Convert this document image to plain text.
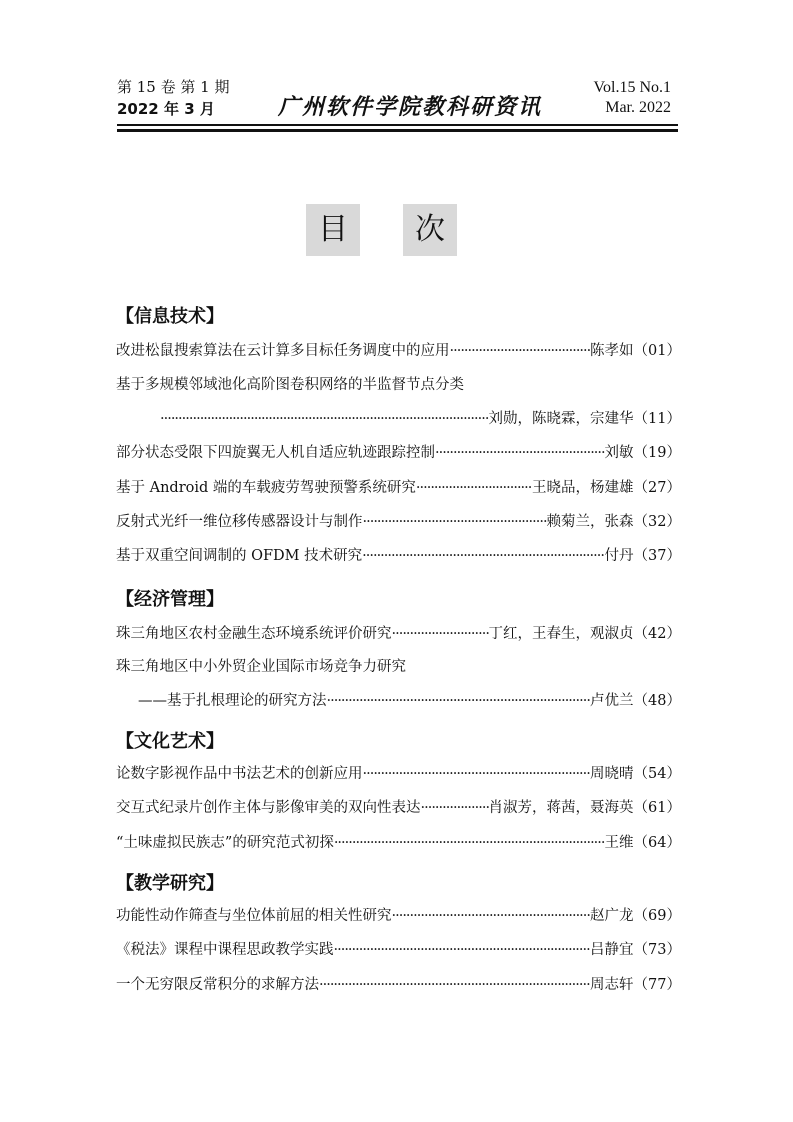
第 15 卷 第 1 期
2022 年 3 月	广州软件学院教科研资讯
Vol.15 No.1
Mar. 2022
目	次
【信息技术】
改进松鼠搜索算法在云计算多目标任务调度中的应用 ·····	陈孝如 （01）
基于多规模邻域池化高阶图卷积网络的半监督节点分类
·····
刘勋，陈晓霖，宗建华 （11）
部分状态受限下四旋翼无人机自适应轨迹跟踪控制 ·····	刘敏 （19）
基于 Android 端的车载疲劳驾驶预警系统研究 ·····	王晓品，杨建雄 （27）
反射式光纤一维位移传感器设计与制作 ·····	赖菊兰，张森 （32）
基于双重空间调制的 OFDM 技术研究 ·····	付丹 （37）
【经济管理】
珠三角地区农村金融生态环境系统评价研究 ·····	丁红，王春生，观淑贞 （42）
珠三角地区中小外贸企业国际市场竞争力研究
——基于扎根理论的研究方法 ·····	卢优兰 （48）
【文化艺术】
论数字影视作品中书法艺术的创新应用 ·····	周晓晴 （54）
交互式纪录片创作主体与影像审美的双向性表达 ·····	肖淑芳，蒋茜，聂海英 （61）
“土味虚拟民族志”的研究范式初探 ·····	王维 （64）
【教学研究】
功能性动作筛查与坐位体前屈的相关性研究 ·····	赵广龙 （69）
《税法》课程中课程思政教学实践 ·····	吕静宜 （73）
一个无穷限反常积分的求解方法 ·····	周志轩 （77）
